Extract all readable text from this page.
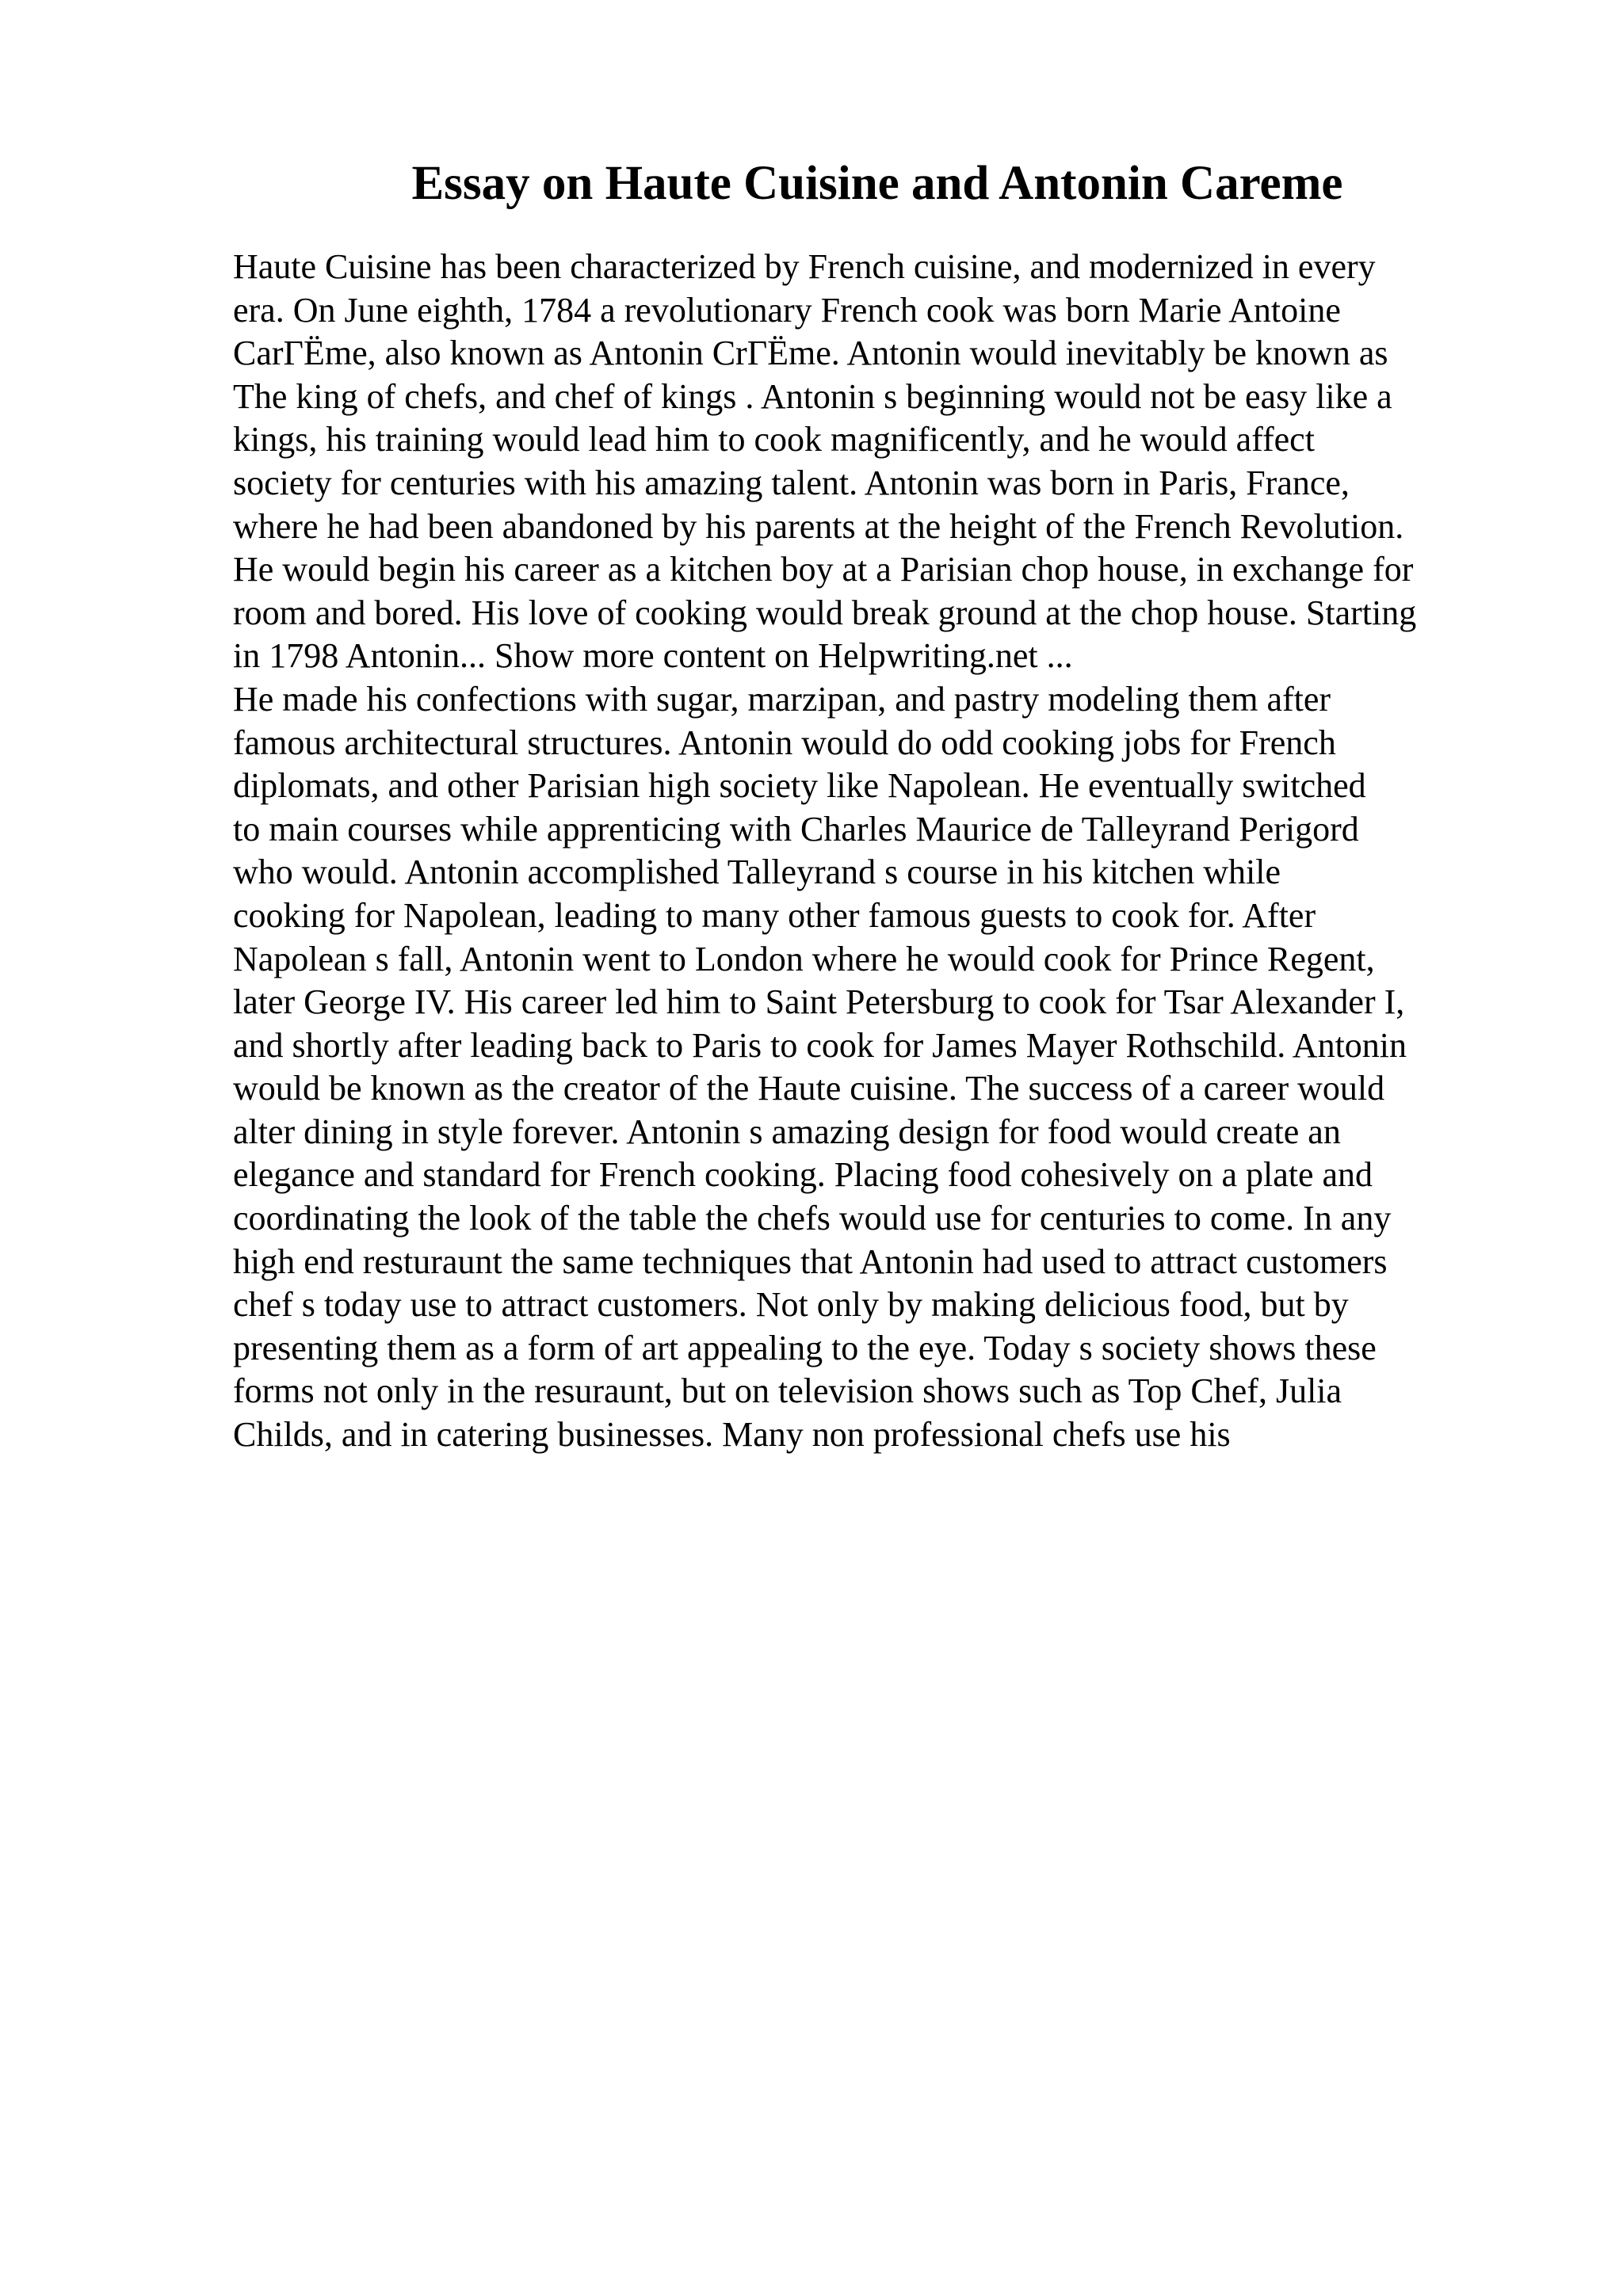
Essay on Haute Cuisine and Antonin Careme
Haute Cuisine has been characterized by French cuisine, and modernized in every
era. On June eighth, 1784 a revolutionary French cook was born Marie Antoine
CarГЁme, also known as Antonin CrГЁme. Antonin would inevitably be known as
The king of chefs, and chef of kings . Antonin s beginning would not be easy like a
kings, his training would lead him to cook magnificently, and he would affect
society for centuries with his amazing talent. Antonin was born in Paris, France,
where he had been abandoned by his parents at the height of the French Revolution.
He would begin his career as a kitchen boy at a Parisian chop house, in exchange for
room and bored. His love of cooking would break ground at the chop house. Starting
in 1798 Antonin... Show more content on Helpwriting.net ...
He made his confections with sugar, marzipan, and pastry modeling them after
famous architectural structures. Antonin would do odd cooking jobs for French
diplomats, and other Parisian high society like Napolean. He eventually switched
to main courses while apprenticing with Charles Maurice de Talleyrand Perigord
who would. Antonin accomplished Talleyrand s course in his kitchen while
cooking for Napolean, leading to many other famous guests to cook for. After
Napolean s fall, Antonin went to London where he would cook for Prince Regent,
later George IV. His career led him to Saint Petersburg to cook for Tsar Alexander I,
and shortly after leading back to Paris to cook for James Mayer Rothschild. Antonin
would be known as the creator of the Haute cuisine. The success of a career would
alter dining in style forever. Antonin s amazing design for food would create an
elegance and standard for French cooking. Placing food cohesively on a plate and
coordinating the look of the table the chefs would use for centuries to come. In any
high end resturaunt the same techniques that Antonin had used to attract customers
chef s today use to attract customers. Not only by making delicious food, but by
presenting them as a form of art appealing to the eye. Today s society shows these
forms not only in the resuraunt, but on television shows such as Top Chef, Julia
Childs, and in catering businesses. Many non professional chefs use his
